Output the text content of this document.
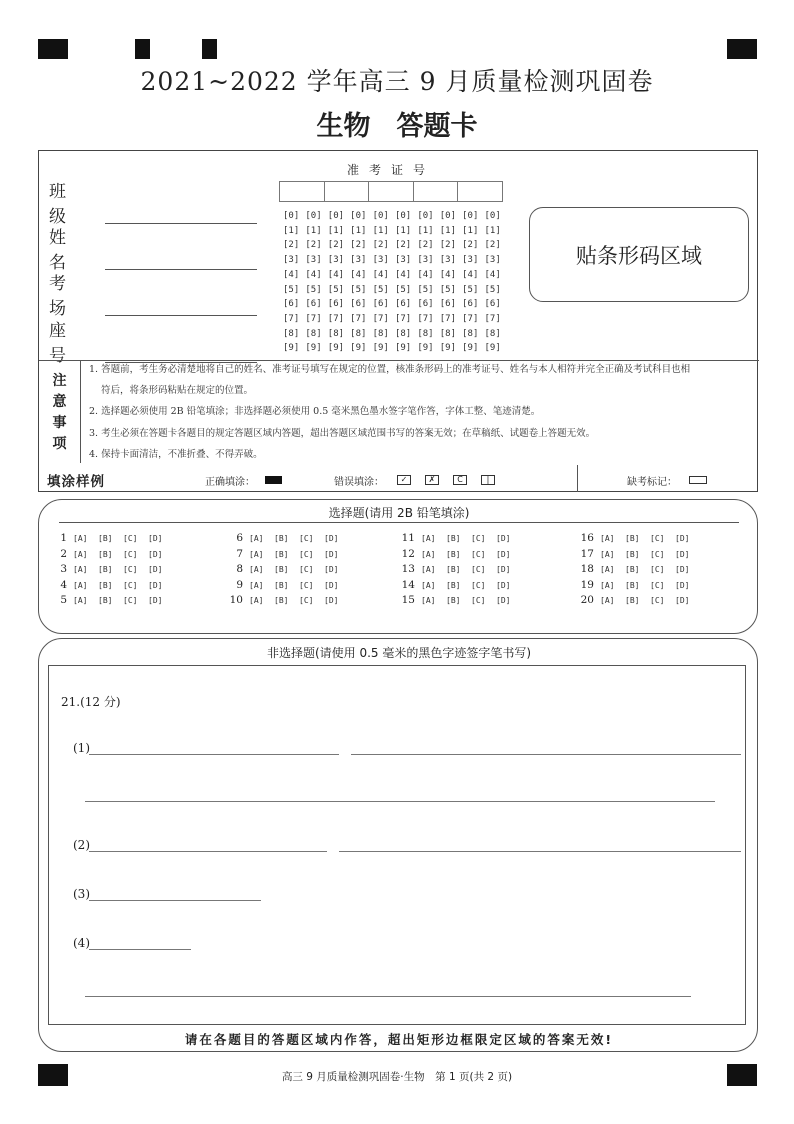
2021~2022 学年高三 9 月质量检测巩固卷
生物 答题卡
班　级
姓　名
考　场
座　号
准考证号
[0] [0] [0] [0] [0] [0] [0] [0] [0] [0]
[1] [1] [1] [1] [1] [1] [1] [1] [1] [1]
[2] [2] [2] [2] [2] [2] [2] [2] [2] [2]
[3] [3] [3] [3] [3] [3] [3] [3] [3] [3]
[4] [4] [4] [4] [4] [4] [4] [4] [4] [4]
[5] [5] [5] [5] [5] [5] [5] [5] [5] [5]
[6] [6] [6] [6] [6] [6] [6] [6] [6] [6]
[7] [7] [7] [7] [7] [7] [7] [7] [7] [7]
[8] [8] [8] [8] [8] [8] [8] [8] [8] [8]
[9] [9] [9] [9] [9] [9] [9] [9] [9] [9]
贴条形码区域
注
意
事
项
1. 答题前，考生务必清楚地将自己的姓名、准考证号填写在规定的位置，核准条形码上的准考证号、姓名与本人相符并完全正确及考试科目也相
符后，将条形码粘贴在规定的位置。
2. 选择题必须使用 2B 铅笔填涂；非选择题必须使用 0.5 毫米黑色墨水签字笔作答，字体工整、笔迹清楚。
3. 考生必须在答题卡各题目的规定答题区域内答题，超出答题区域范围书写的答案无效；在草稿纸、试题卷上答题无效。
4. 保持卡面清洁，不准折叠、不得弄破。
填涂样例	正确填涂：	错误填涂：	✓	✗	C	|	缺考标记：
选择题(请用 2B 铅笔填涂)
1 [A] [B] [C] [D]
2 [A] [B] [C] [D]
3 [A] [B] [C] [D]
4 [A] [B] [C] [D]
5 [A] [B] [C] [D]
6 [A] [B] [C] [D]
7 [A] [B] [C] [D]
8 [A] [B] [C] [D]
9 [A] [B] [C] [D]
10 [A] [B] [C] [D]
11 [A] [B] [C] [D]
12 [A] [B] [C] [D]
13 [A] [B] [C] [D]
14 [A] [B] [C] [D]
15 [A] [B] [C] [D]
16 [A] [B] [C] [D]
17 [A] [B] [C] [D]
18 [A] [B] [C] [D]
19 [A] [B] [C] [D]
20 [A] [B] [C] [D]
非选择题(请使用 0.5 毫米的黑色字迹签字笔书写)
21.(12 分)
(1)
(2)
(3)
(4)
请在各题目的答题区域内作答，超出矩形边框限定区域的答案无效!
高三 9 月质量检测巩固卷·生物　第 1 页(共 2 页)
